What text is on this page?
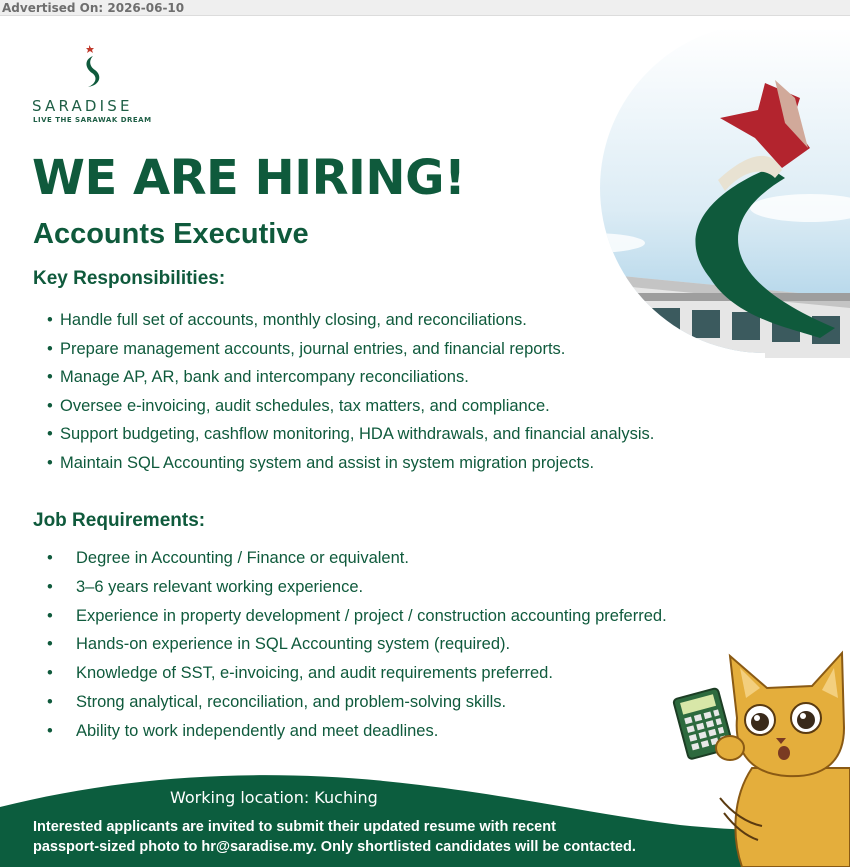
Advertised On: 2026-06-10
SARADISE
LIVE THE SARAWAK DREAM
WE ARE HIRING!
Accounts Executive
Key Responsibilities:
• Handle full set of accounts, monthly closing, and reconciliations.
• Prepare management accounts, journal entries, and financial reports.
• Manage AP, AR, bank and intercompany reconciliations.
• Oversee e-invoicing, audit schedules, tax matters, and compliance.
• Support budgeting, cashflow monitoring, HDA withdrawals, and financial analysis.
• Maintain SQL Accounting system and assist in system migration projects.
Job Requirements:
• Degree in Accounting / Finance or equivalent.
• 3–6 years relevant working experience.
• Experience in property development / project / construction accounting preferred.
• Hands-on experience in SQL Accounting system (required).
• Knowledge of SST, e-invoicing, and audit requirements preferred.
• Strong analytical, reconciliation, and problem-solving skills.
• Ability to work independently and meet deadlines.
Working location: Kuching
Interested applicants are invited to submit their updated resume with recent
passport-sized photo to hr@saradise.my. Only shortlisted candidates will be contacted.
